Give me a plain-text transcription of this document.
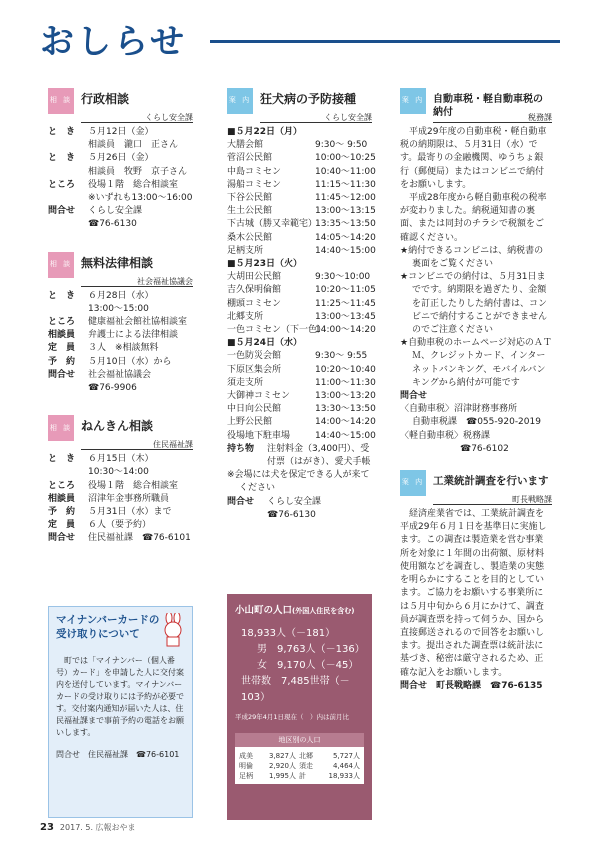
おしらせ
相 談 行政相談
くらし安全課
と　き	５月12日（金）
相談員　瀧口　正さん
と　き	５月26日（金）
相談員　牧野　京子さん
ところ	役場１階　総合相談室
※いずれも13:00～16:00
問合せ	くらし安全課
☎76-6130
相 談 無料法律相談
社会福祉協議会
と　き	６月28日（水）
13:00～15:00
ところ	健康福祉会館社協相談室
相談員	弁護士による法律相談
定　員	３人　※相談無料
予　約	５月10日（水）から
問合せ	社会福祉協議会
☎76-9906
相 談 ねんきん相談
住民福祉課
と　き	６月15日（木）
10:30～14:00
ところ	役場１階　総合相談室
相談員	沼津年金事務所職員
予　約	５月31日（水）まで
定　員	６人（要予約）
問合せ	住民福祉課　☎76-6101
マイナンバーカードの受け取りについて

町では「マイナンバー（個人番号）カード」を申請した人に交付案内を送付しています。マイナンバーカードの受け取りには予約が必要です。交付案内通知が届いた人は、住民福祉課まで事前予約の電話をお願いします。

問合せ　住民福祉課　☎76-6101

案 内 狂犬病の予防接種
くらし安全課
■５月22日（月）
大膳会館	9:30～ 9:50
菅沼公民館	10:00～10:25
中島コミセン	10:40～11:00
湯船コミセン	11:15～11:30
下谷公民館	11:45～12:00
生土公民館	13:00～13:15
下古城（勝又幸範宅）
13:35～13:50
桑木公民館	14:05～14:20
足柄支所	14:40～15:00
■５月23日（火）
大胡田公民館	9:30～10:00
吉久保明倫館	10:20～11:05
棚頭コミセン	11:25～11:45
北郷支所	13:00～13:45
一色コミセン（下一色）
14:00～14:20
■５月24日（水）
一色防災会館	9:30～ 9:55
下原区集会所	10:20～10:40
須走支所	11:00～11:30
大御神コミセン	13:00～13:20
中日向公民館	13:30～13:50
上野公民館	14:00～14:20
役場地下駐車場	14:40～15:00
持ち物	注射料金（3,400円）、受付票（はがき）、愛犬手帳
※会場には犬を保定できる人が来てください
問合せ	くらし安全課
☎76-6130
小山町の人口(外国人住民を含む)
18,933人（－181）
男　9,763人（－136）
女　9,170人（－45）
世帯数　7,485世帯（－103）
平成29年4月1日現在（　）内は前月比
地区別の人口
成美	3,827人 北郷	5,727人
明倫	2,920人 須走	4,464人
足柄	1,995人 計	18,933人
案 内 自動車税・軽自動車税の納付	税務課

平成29年度の自動車税・軽自動車税の納期限は、５月31日（水）です。最寄りの金融機関、ゆうちょ銀行（郵便局）またはコンビニで納付をお願いします。

平成28年度から軽自動車税の税率が変わりました。納税通知書の裏面、または同封のチラシで税額をご確認ください。

★納付できるコンビニは、納税書の裏面をご覧ください

★コンビニでの納付は、５月31日までです。納期限を過ぎたり、金額を訂正したりした納付書は、コンビニで納付することができませんのでご注意ください

★自動車税のホームページ対応のＡＴＭ、クレジットカード、インターネットバンキング、モバイルバンキングから納付が可能です

問合せ

〈自動車税〉沼津財務事務所

自動車税課　☎055-920-2019

〈軽自動車税〉税務課

☎76-6102

案 内 工業統計調査を行います
町長戦略課

経済産業省では、工業統計調査を平成29年６月１日を基準日に実施します。この調査は製造業を営む事業所を対象に１年間の出荷額、原材料使用額などを調査し、製造業の実態を明らかにすることを目的としています。ご協力をお願いする事業所には５月中旬から６月にかけて、調査員が調査票を持って伺うか、国から直接郵送されるので回答をお願いします。提出された調査票は統計法に基づき、秘密は厳守されるため、正確な記入をお願いします。

問合せ　町長戦略課　☎76-6135

23 2017. 5. 広報おやま
